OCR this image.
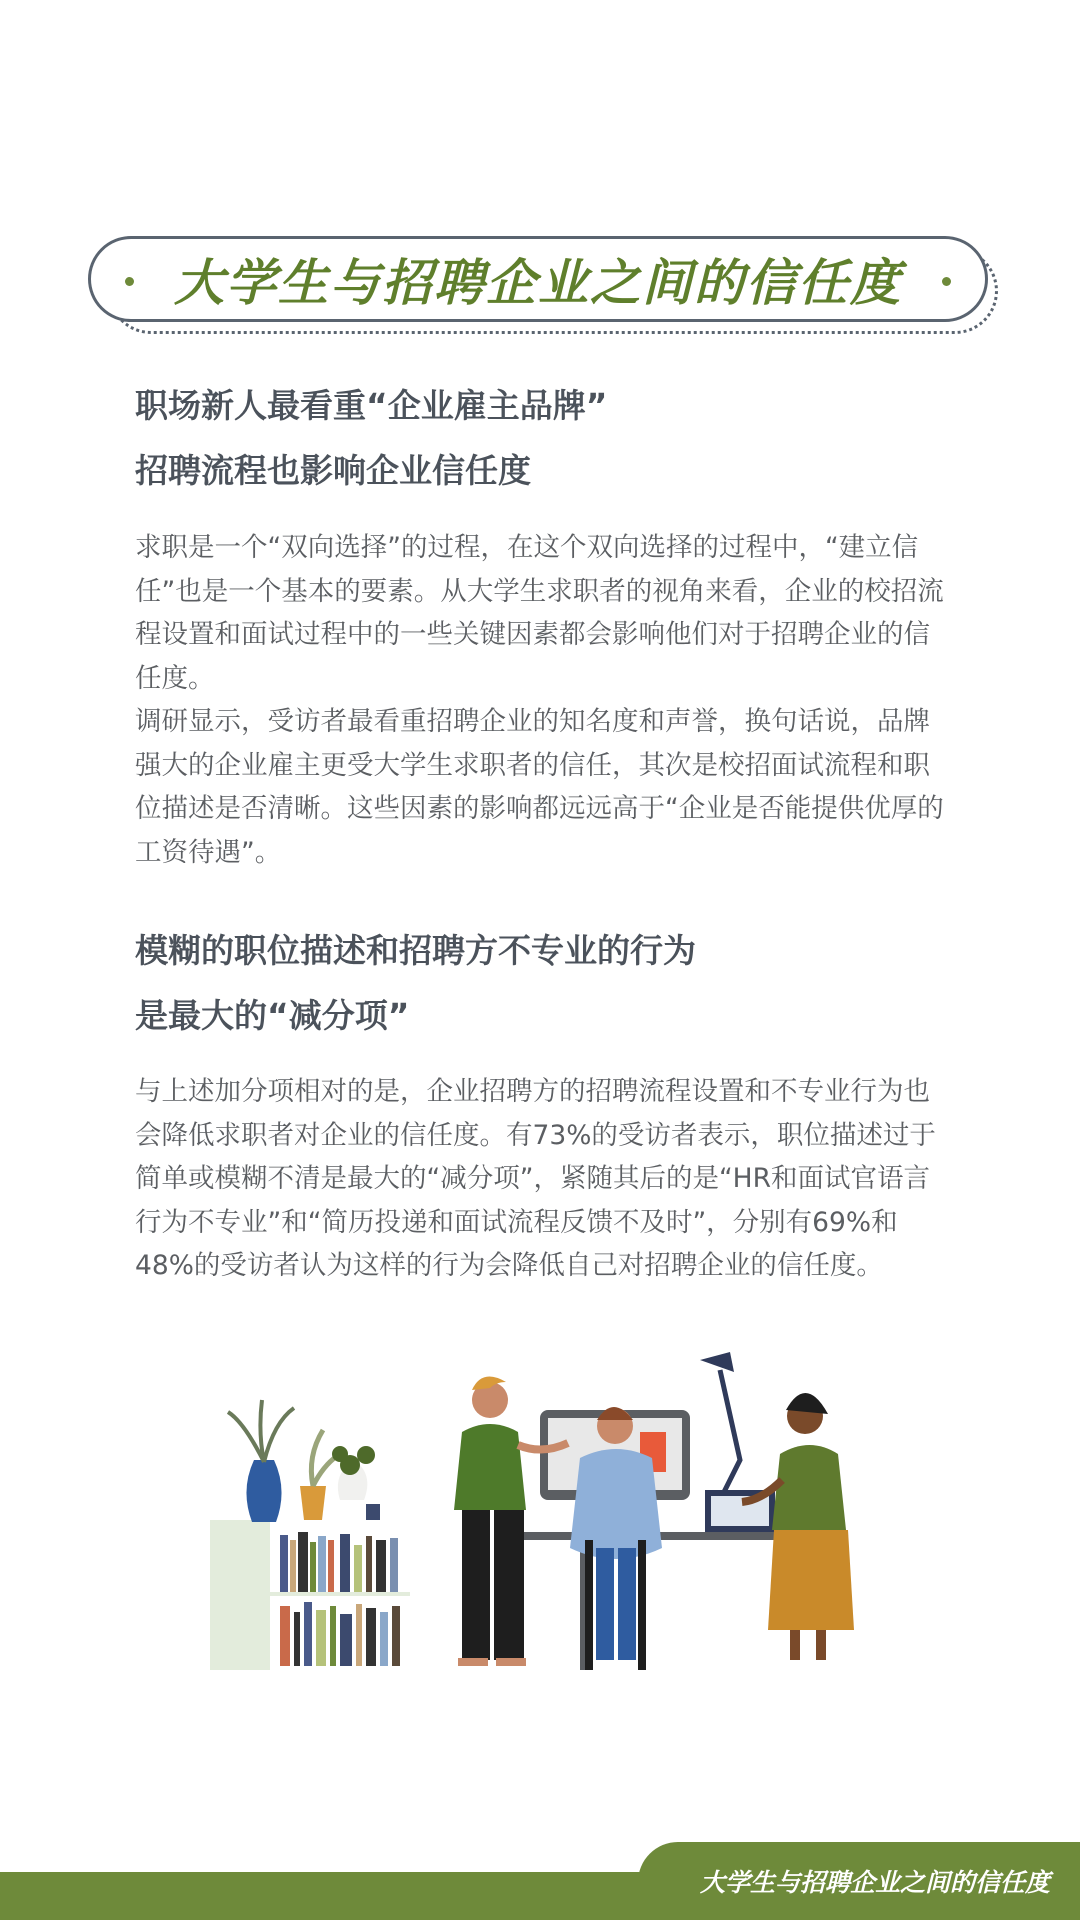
大学生与招聘企业之间的信任度
职场新人最看重“企业雇主品牌”
招聘流程也影响企业信任度

求职是一个“双向选择”的过程，在这个双向选择的过程中，“建立信任”也是一个基本的要素。从大学生求职者的视角来看，企业的校招流程设置和面试过程中的一些关键因素都会影响他们对于招聘企业的信任度。

调研显示，受访者最看重招聘企业的知名度和声誉，换句话说，品牌强大的企业雇主更受大学生求职者的信任，其次是校招面试流程和职位描述是否清晰。这些因素的影响都远远高于“企业是否能提供优厚的工资待遇”。

模糊的职位描述和招聘方不专业的行为
是最大的“减分项”

与上述加分项相对的是，企业招聘方的招聘流程设置和不专业行为也会降低求职者对企业的信任度。有73%的受访者表示，职位描述过于简单或模糊不清是最大的“减分项”，紧随其后的是“HR和面试官语言行为不专业”和“简历投递和面试流程反馈不及时”，分别有69%和48%的受访者认为这样的行为会降低自己对招聘企业的信任度。

大学生与招聘企业之间的信任度
